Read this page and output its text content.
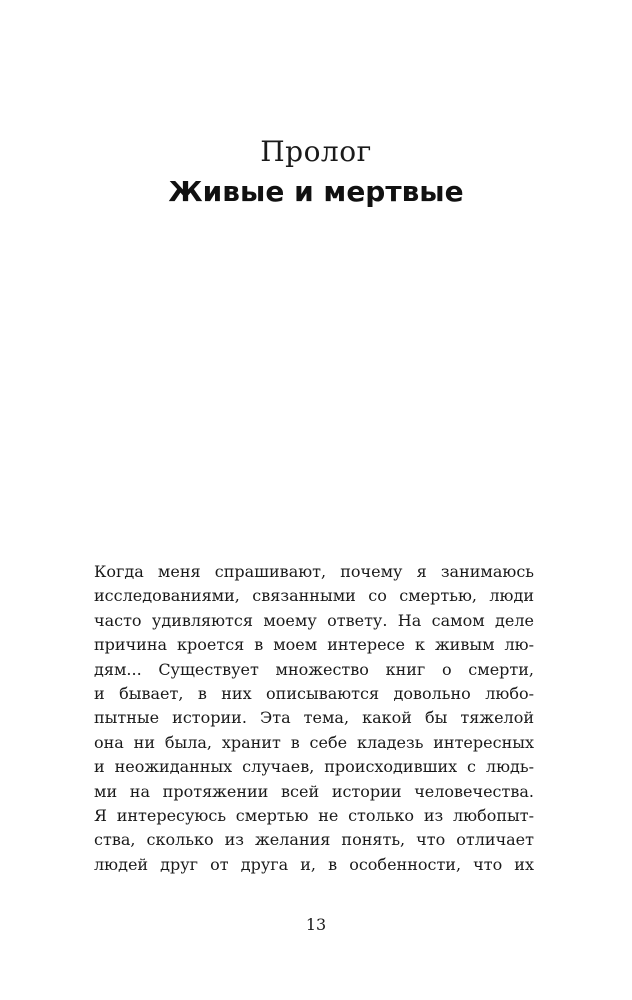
Пролог
Живые и мертвые
Когда меня спрашивают, почему я занимаюсь
исследованиями, связанными со смертью, люди
часто удивляются моему ответу. На самом деле
причина кроется в моем интересе к живым лю-
дям... Существует множество книг о смерти,
и бывает, в них описываются довольно любо-
пытные истории. Эта тема, какой бы тяжелой
она ни была, хранит в себе кладезь интересных
и неожиданных случаев, происходивших с людь-
ми на протяжении всей истории человечества.
Я интересуюсь смертью не столько из любопыт-
ства, сколько из желания понять, что отличает
людей друг от друга и, в особенности, что их
13
